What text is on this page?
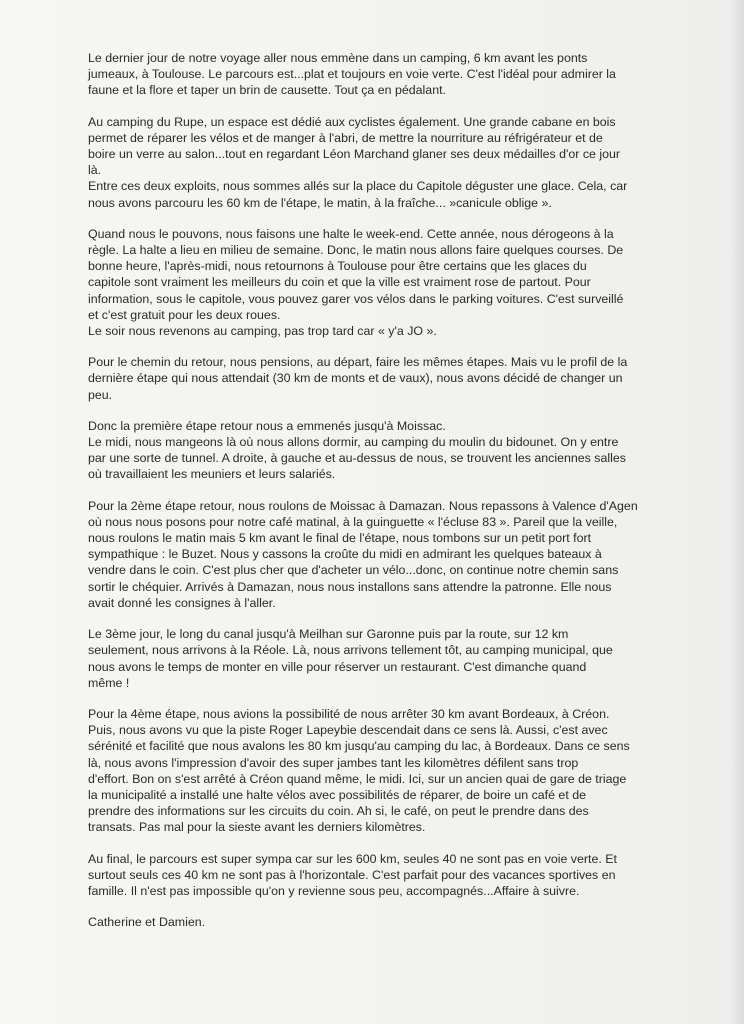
Le dernier jour de notre voyage aller nous emmène dans un camping, 6 km avant les ponts
jumeaux, à Toulouse. Le parcours est...plat et toujours en voie verte. C'est l'idéal pour admirer la
faune et la flore et taper un brin de causette. Tout ça en pédalant.

Au camping du Rupe, un espace est dédié aux cyclistes également. Une grande cabane en bois
permet de réparer les vélos et de manger à l'abri, de mettre la nourriture au réfrigérateur et de
boire un verre au salon...tout en regardant Léon Marchand glaner ses deux médailles d'or ce jour
là.
Entre ces deux exploits, nous sommes allés sur la place du Capitole déguster une glace. Cela, car
nous avons parcouru les 60 km de l'étape, le matin, à la fraîche... »canicule oblige ».

Quand nous le pouvons, nous faisons une halte le week-end. Cette année, nous dérogeons à la
règle. La halte a lieu en milieu de semaine. Donc, le matin nous allons faire quelques courses. De
bonne heure, l'après-midi, nous retournons à Toulouse pour être certains que les glaces du
capitole sont vraiment les meilleurs du coin et que la ville est vraiment rose de partout. Pour
information, sous le capitole, vous pouvez garer vos vélos dans le parking voitures. C'est surveillé
et c'est gratuit pour les deux roues.
Le soir nous revenons au camping, pas trop tard car « y'a JO ».

Pour le chemin du retour, nous pensions, au départ, faire les mêmes étapes. Mais vu le profil de la
dernière étape qui nous attendait (30 km de monts et de vaux), nous avons décidé de changer un
peu.

Donc la première étape retour nous a emmenés jusqu'à Moissac.
Le midi, nous mangeons là où nous allons dormir, au camping du moulin du bidounet. On y entre
par une sorte de tunnel. A droite, à gauche et au-dessus de nous, se trouvent les anciennes salles
où travaillaient les meuniers et leurs salariés.

Pour la 2ème étape retour, nous roulons de Moissac à Damazan. Nous repassons à Valence d'Agen
où nous nous posons pour notre café matinal, à la guinguette « l'écluse 83 ». Pareil que la veille,
nous roulons le matin mais 5 km avant le final de l'étape, nous tombons sur un petit port fort
sympathique : le Buzet. Nous y cassons la croûte du midi en admirant les quelques bateaux à
vendre dans le coin. C'est plus cher que d'acheter un vélo...donc, on continue notre chemin sans
sortir le chéquier. Arrivés à Damazan, nous nous installons sans attendre la patronne. Elle nous
avait donné les consignes à l'aller.

Le 3ème jour, le long du canal jusqu'à Meilhan sur Garonne puis par la route, sur 12 km
seulement, nous arrivons à la Réole. Là, nous arrivons tellement tôt, au camping municipal, que
nous avons le temps de monter en ville pour réserver un restaurant. C'est dimanche quand
même !

Pour la 4ème étape, nous avions la possibilité de nous arrêter 30 km avant Bordeaux, à Créon.
Puis, nous avons vu que la piste Roger Lapeybie descendait dans ce sens là. Aussi, c'est avec
sérénité et facilité que nous avalons les 80 km jusqu'au camping du lac, à Bordeaux. Dans ce sens
là, nous avons l'impression d'avoir des super jambes tant les kilomètres défilent sans trop
d'effort. Bon on s'est arrêté à Créon quand même, le midi. Ici, sur un ancien quai de gare de triage
la municipalité a installé une halte vélos avec possibilités de réparer, de boire un café et de
prendre des informations sur les circuits du coin. Ah si, le café, on peut le prendre dans des
transats. Pas mal pour la sieste avant les derniers kilomètres.

Au final, le parcours est super sympa car sur les 600 km, seules 40 ne sont pas en voie verte. Et
surtout seuls ces 40 km ne sont pas à l'horizontale. C'est parfait pour des vacances sportives en
famille. Il n'est pas impossible qu'on y revienne sous peu, accompagnés...Affaire à suivre.

Catherine et Damien.
